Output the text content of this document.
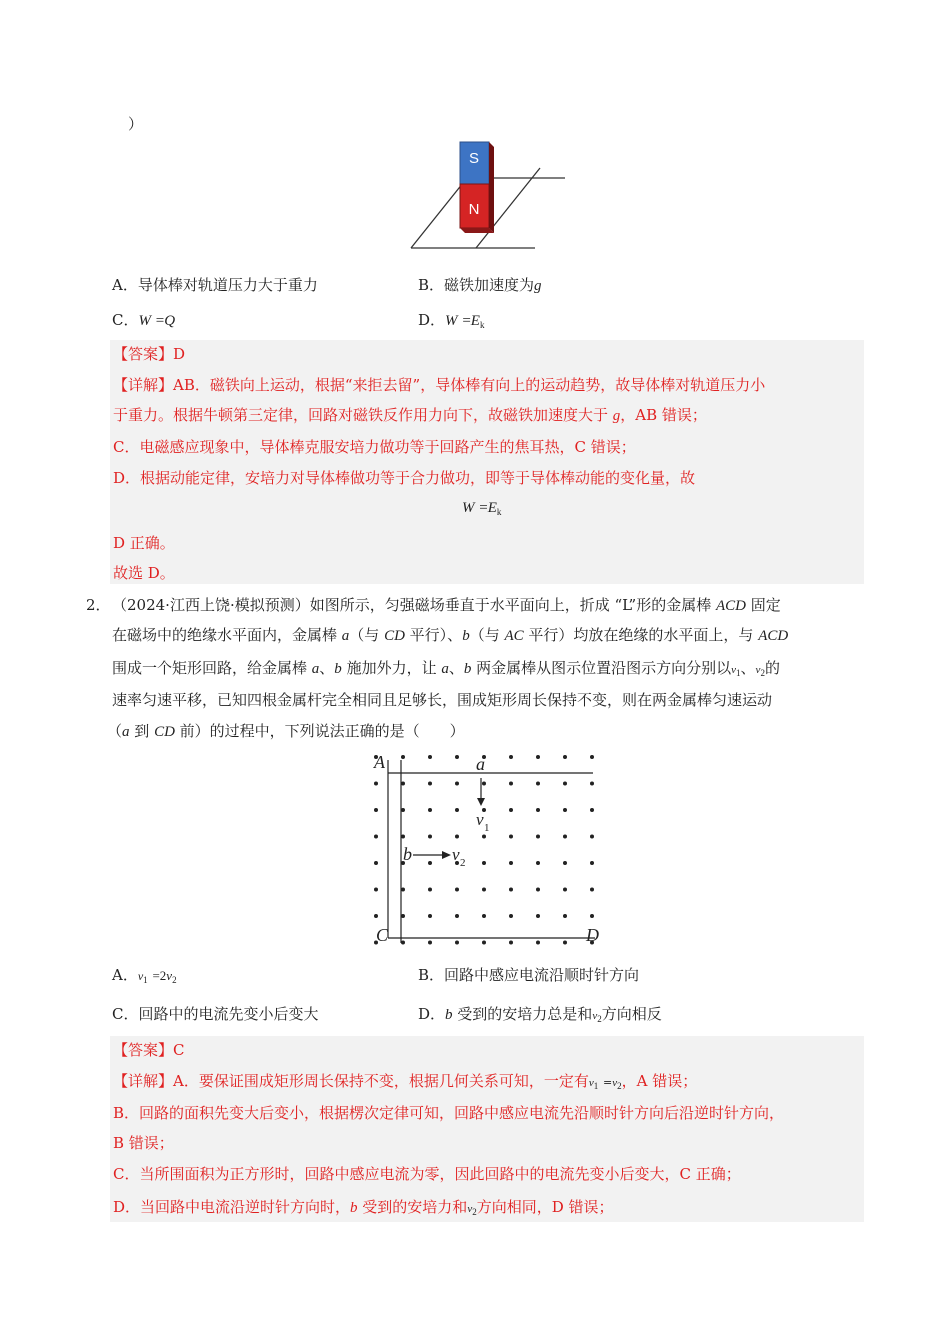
）
S
N
A．导体棒对轨道压力大于重力	B．磁铁加速度为g
C．W =Q	D．$W =E_k$
【答案】D
【详解】AB．磁铁向上运动，根据“来拒去留”，导体棒有向上的运动趋势，故导体棒对轨道压力小
于重力。根据牛顿第三定律，回路对磁铁反作用力向下，故磁铁加速度大于 g，AB 错误；
C．电磁感应现象中，导体棒克服安培力做功等于回路产生的焦耳热，C 错误；
D．根据动能定律，安培力对导体棒做功等于合力做功，即等于导体棒动能的变化量，故
$W =E_k$
D 正确。
故选 D。
2． （2024·江西上饶·模拟预测）如图所示，匀强磁场垂直于水平面向上，折成 “L”形的金属棒 ACD 固定
在磁场中的绝缘水平面内，金属棒 a（与 CD 平行）、b（与 AC 平行）均放在绝缘的水平面上，与 ACD
围成一个矩形回路，给金属棒 a、b 施加外力，让 a、b 两金属棒从图示位置沿图示方向分别以$v_1$、$v_2$的
速率匀速平移，已知四根金属杆完全相同且足够长，围成矩形周长保持不变，则在两金属棒匀速运动
（a 到 CD 前）的过程中，下列说法正确的是（　　）
A	a
b
C	D
v 1
v 2
A．$v_1 =2v_2$	B．回路中感应电流沿顺时针方向
C．回路中的电流先变小后变大	D．b 受到的安培力总是和$v_2$方向相反
【答案】C
【详解】A．要保证围成矩形周长保持不变，根据几何关系可知，一定有$v_1 =v_2$，A 错误；
B．回路的面积先变大后变小，根据楞次定律可知，回路中感应电流先沿顺时针方向后沿逆时针方向，
B 错误；
C．当所围面积为正方形时，回路中感应电流为零，因此回路中的电流先变小后变大，C 正确；
D．当回路中电流沿逆时针方向时，b 受到的安培力和$v_2$方向相同，D 错误；
